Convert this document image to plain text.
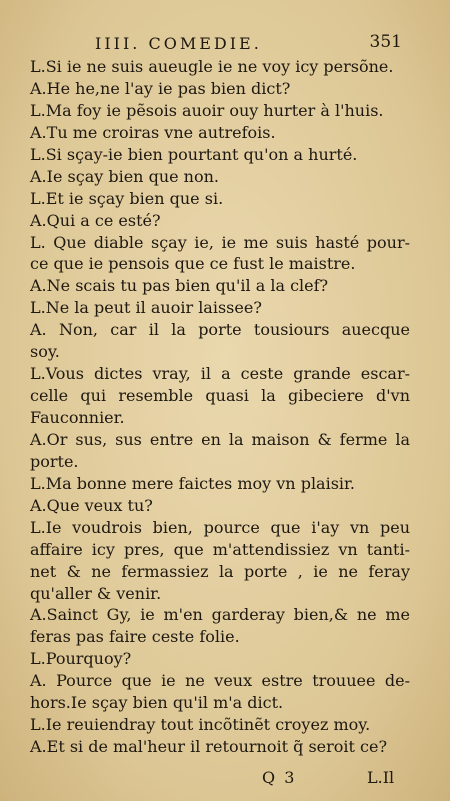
IIII. COMEDIE.	351
L.Si ie ne suis aueugle ie ne voy icy persõne.
A.He he,ne l'ay ie pas bien dict?
L.Ma foy ie pẽsois auoir ouy hurter à l'huis.
A.Tu me croiras vne autrefois.
L.Si sçay-ie bien pourtant qu'on a hurté.
A.Ie sçay bien que non.
L.Et ie sçay bien que si.
A.Qui a ce esté?
L. Que diable sçay ie, ie me suis hasté pour-
ce que ie pensois que ce fust le maistre.
A.Ne scais tu pas bien qu'il a la clef?
L.Ne la peut il auoir laissee?
A. Non, car il la porte tousiours auecque
soy.
L.Vous dictes vray, il a ceste grande escar-
celle qui resemble quasi la gibeciere d'vn
Fauconnier.
A.Or sus, sus entre en la maison & ferme la
porte.
L.Ma bonne mere faictes moy vn plaisir.
A.Que veux tu?
L.Ie voudrois bien, pource que i'ay vn peu
affaire icy pres, que m'attendissiez vn tanti-
net & ne fermassiez la porte , ie ne feray
qu'aller & venir.
A.Sainct Gy, ie m'en garderay bien,& ne me
feras pas faire ceste folie.
L.Pourquoy?
A. Pource que ie ne veux estre trouuee de-
hors.Ie sçay bien qu'il m'a dict.
L.Ie reuiendray tout incõtinẽt croyez moy.
A.Et si de mal'heur il retournoit q̃ seroit ce?
Q 3	L.Il
